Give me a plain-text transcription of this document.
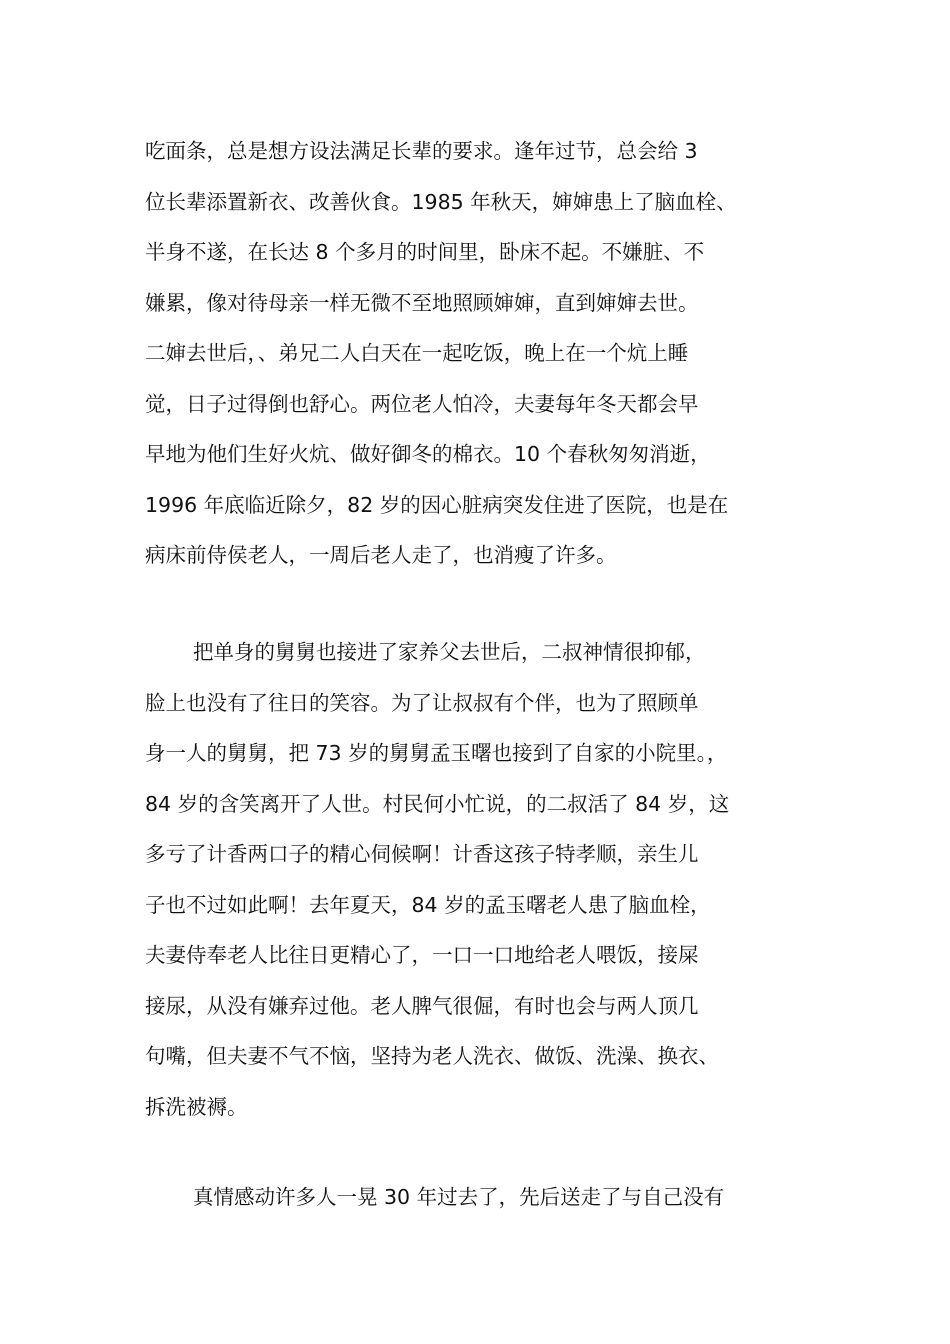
吃面条，总是想方设法满足长辈的要求。逢年过节，总会给 3
位长辈添置新衣、改善伙食。1985 年秋天，婶婶患上了脑血栓、
半身不遂，在长达 8 个多月的时间里，卧床不起。不嫌脏、不
嫌累，像对待母亲一样无微不至地照顾婶婶，直到婶婶去世。
二婶去世后，、弟兄二人白天在一起吃饭，晚上在一个炕上睡
觉，日子过得倒也舒心。两位老人怕冷，夫妻每年冬天都会早
早地为他们生好火炕、做好御冬的棉衣。10 个春秋匆匆消逝，
1996 年底临近除夕，82 岁的因心脏病突发住进了医院，也是在
病床前侍侯老人，一周后老人走了，也消瘦了许多。
把单身的舅舅也接进了家养父去世后，二叔神情很抑郁，
脸上也没有了往日的笑容。为了让叔叔有个伴，也为了照顾单
身一人的舅舅，把 73 岁的舅舅孟玉曙也接到了自家的小院里。，
84 岁的含笑离开了人世。村民何小忙说，的二叔活了 84 岁，这
多亏了计香两口子的精心伺候啊！计香这孩子特孝顺，亲生儿
子也不过如此啊！去年夏天，84 岁的孟玉曙老人患了脑血栓，
夫妻侍奉老人比往日更精心了，一口一口地给老人喂饭，接屎
接尿，从没有嫌弃过他。老人脾气很倔，有时也会与两人顶几
句嘴，但夫妻不气不恼，坚持为老人洗衣、做饭、洗澡、换衣、
拆洗被褥。
真情感动许多人一晃 30 年过去了，先后送走了与自己没有
